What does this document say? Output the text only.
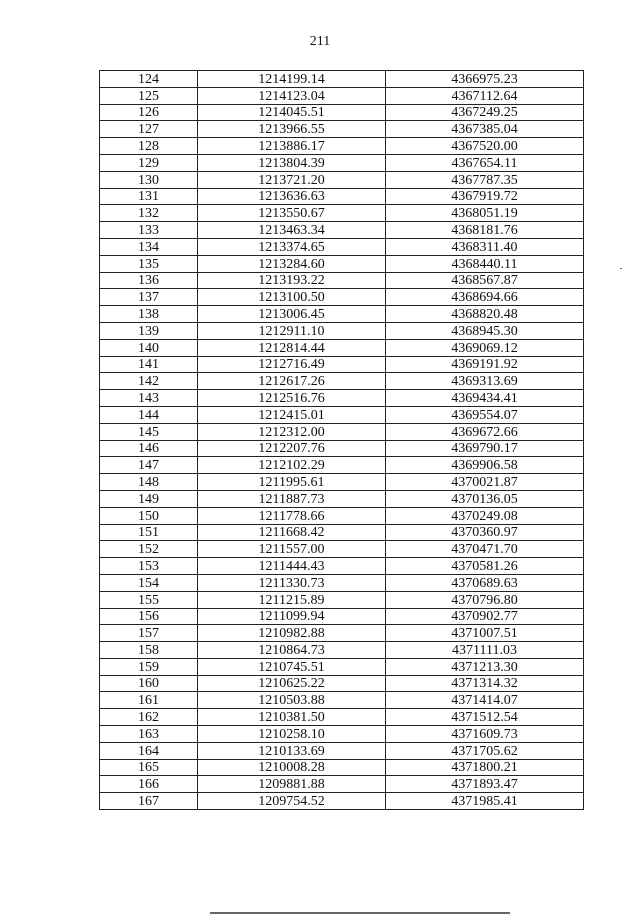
211
124	1214199.14	4366975.23
125	1214123.04	4367112.64
126	1214045.51	4367249.25
127	1213966.55	4367385.04
128	1213886.17	4367520.00
129	1213804.39	4367654.11
130	1213721.20	4367787.35
131	1213636.63	4367919.72
132	1213550.67	4368051.19
133	1213463.34	4368181.76
134	1213374.65	4368311.40
135	1213284.60	4368440.11
136	1213193.22	4368567.87
137	1213100.50	4368694.66
138	1213006.45	4368820.48
139	1212911.10	4368945.30
140	1212814.44	4369069.12
141	1212716.49	4369191.92
142	1212617.26	4369313.69
143	1212516.76	4369434.41
144	1212415.01	4369554.07
145	1212312.00	4369672.66
146	1212207.76	4369790.17
147	1212102.29	4369906.58
148	1211995.61	4370021.87
149	1211887.73	4370136.05
150	1211778.66	4370249.08
151	1211668.42	4370360.97
152	1211557.00	4370471.70
153	1211444.43	4370581.26
154	1211330.73	4370689.63
155	1211215.89	4370796.80
156	1211099.94	4370902.77
157	1210982.88	4371007.51
158	1210864.73	4371111.03
159	1210745.51	4371213.30
160	1210625.22	4371314.32
161	1210503.88	4371414.07
162	1210381.50	4371512.54
163	1210258.10	4371609.73
164	1210133.69	4371705.62
165	1210008.28	4371800.21
166	1209881.88	4371893.47
167	1209754.52	4371985.41
